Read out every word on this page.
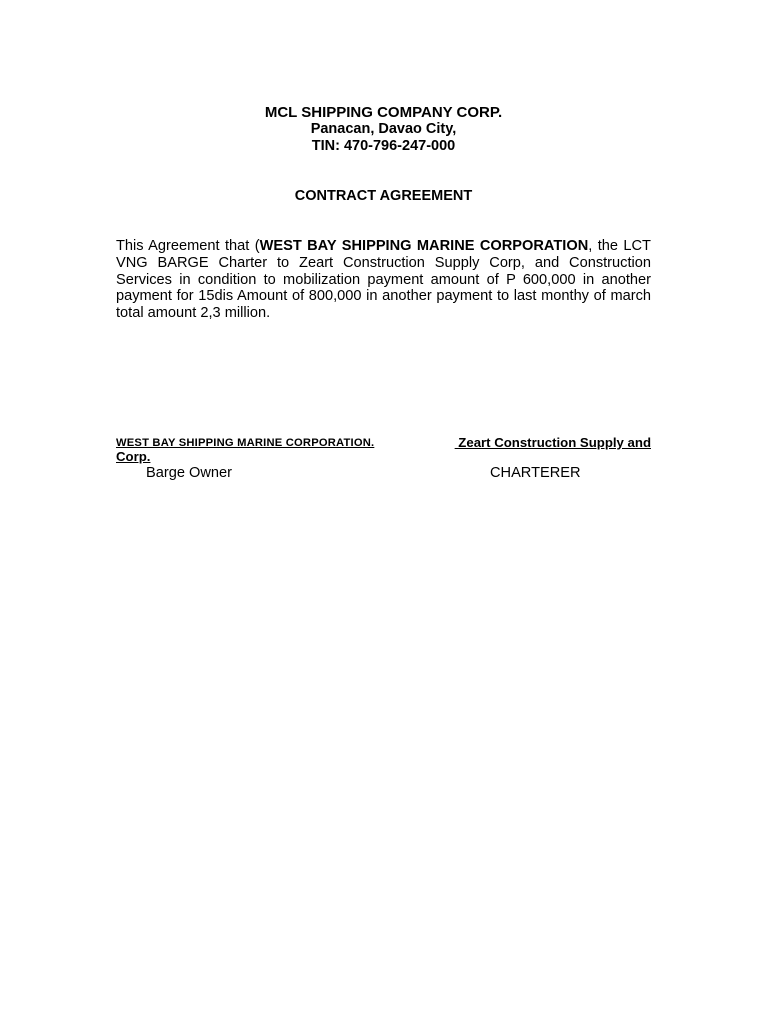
MCL SHIPPING COMPANY CORP.
Panacan, Davao City,
TIN: 470-796-247-000
CONTRACT AGREEMENT
This Agreement that (WEST BAY SHIPPING MARINE CORPORATION, the LCT VNG BARGE Charter to Zeart Construction Supply Corp, and Construction Services in condition to mobilization payment amount of P 600,000 in another payment for 15dis Amount of 800,000 in another payment to last monthy of march total amount 2,3 million.
WEST BAY SHIPPING MARINE CORPORATION.	Zeart Construction Supply and
Corp.
Barge Owner	CHARTERER
